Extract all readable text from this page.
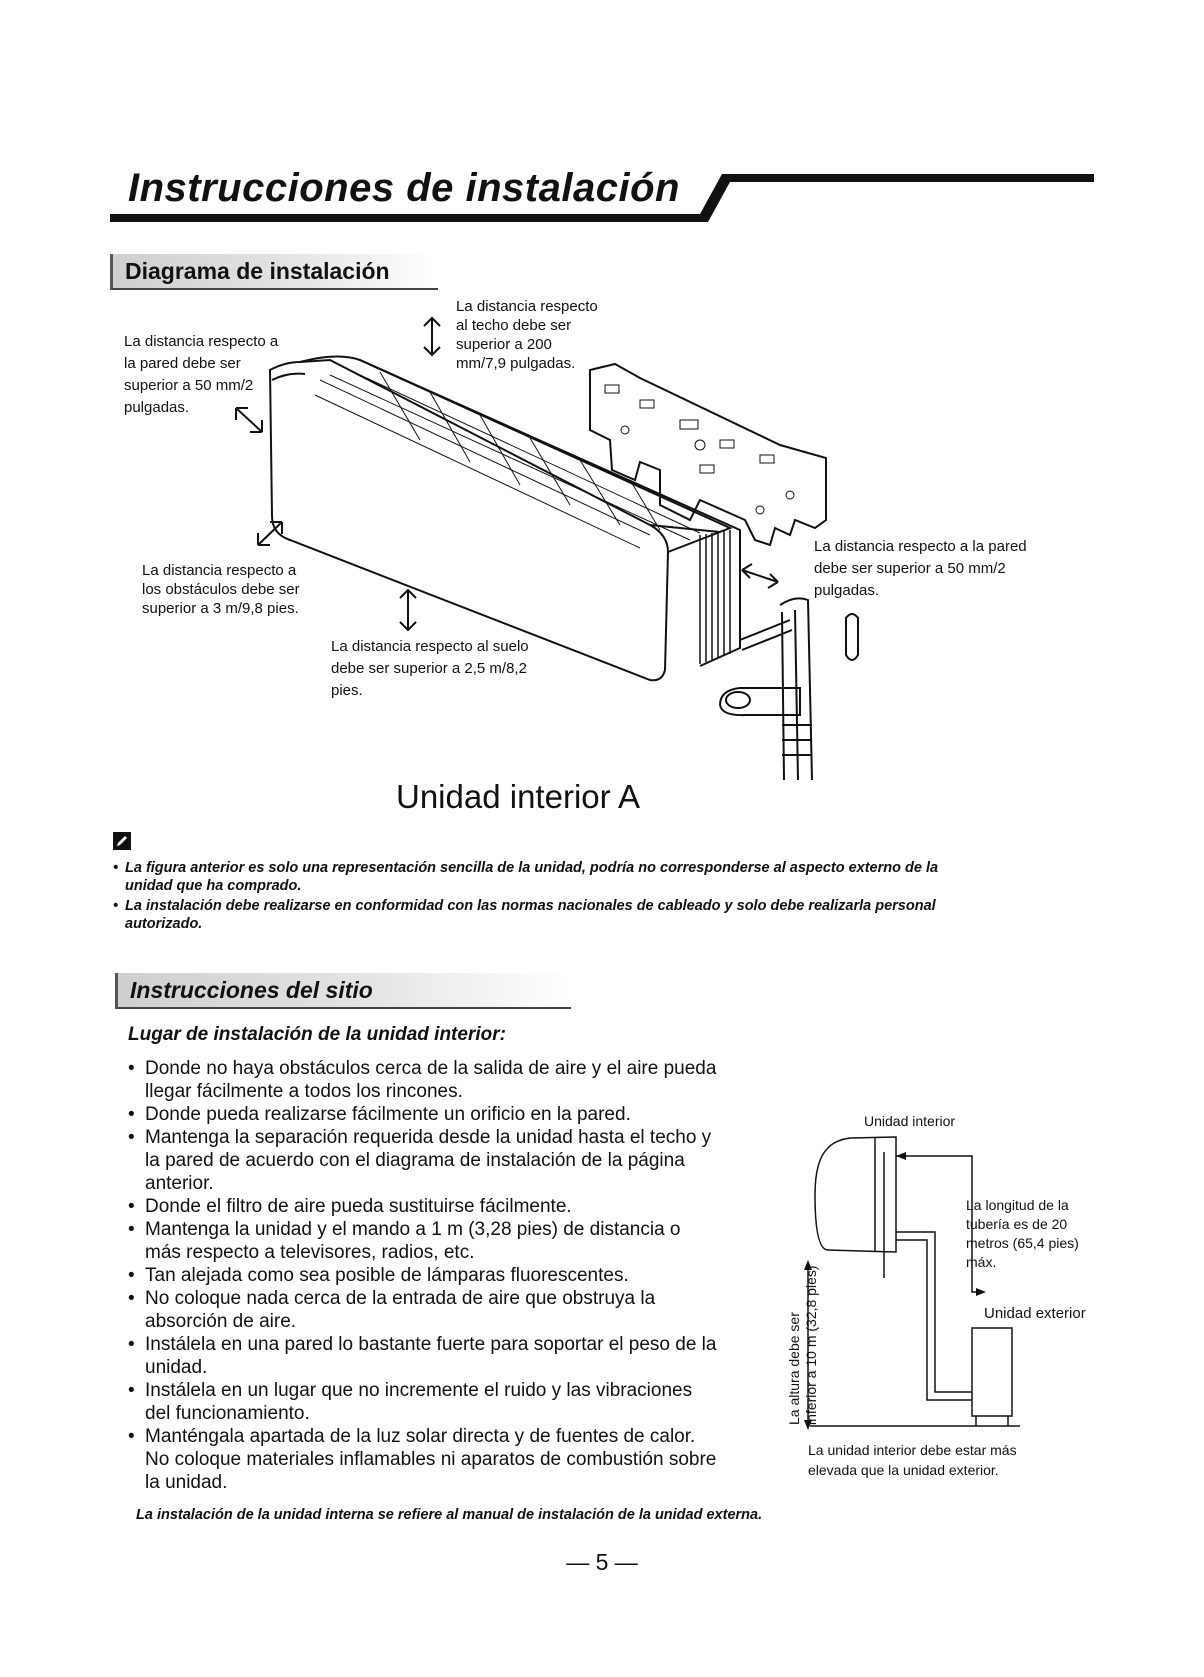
Instrucciones de instalación
Diagrama de instalación
La distancia respecto a
la pared debe ser
superior a 50 mm/2
pulgadas.
La distancia respecto
al techo debe ser
superior a 200
mm/7,9 pulgadas.
La distancia respecto a
los obstáculos debe ser
superior a 3 m/9,8 pies.
La distancia respecto al suelo
debe ser superior a 2,5 m/8,2
pies.
La distancia respecto a la pared
debe ser superior a 50 mm/2
pulgadas.
Unidad interior A
• La figura anterior es solo una representación sencilla de la unidad, podría no corresponderse al aspecto externo de la
unidad que ha comprado.
• La instalación debe realizarse en conformidad con las normas nacionales de cableado y solo debe realizarla personal
autorizado.
Instrucciones del sitio
Lugar de instalación de la unidad interior:
• Donde no haya obstáculos cerca de la salida de aire y el aire pueda
llegar fácilmente a todos los rincones.
• Donde pueda realizarse fácilmente un orificio en la pared.
• Mantenga la separación requerida desde la unidad hasta el techo y
la pared de acuerdo con el diagrama de instalación de la página
anterior.
• Donde el filtro de aire pueda sustituirse fácilmente.
• Mantenga la unidad y el mando a 1 m (3,28 pies) de distancia o
más respecto a televisores, radios, etc.
• Tan alejada como sea posible de lámparas fluorescentes.
• No coloque nada cerca de la entrada de aire que obstruya la
absorción de aire.
• Instálela en una pared lo bastante fuerte para soportar el peso de la
unidad.
• Instálela en un lugar que no incremente el ruido y las vibraciones
del funcionamiento.
• Manténgala apartada de la luz solar directa y de fuentes de calor.
No coloque materiales inflamables ni aparatos de combustión sobre
la unidad.
Unidad interior
La longitud de la
tubería es de 20
metros (65,4 pies)
máx.
Unidad exterior
La altura debe ser inferior a 10 m (32,8 pies)
La unidad interior debe estar más
elevada que la unidad exterior.
La instalación de la unidad interna se refiere al manual de instalación de la unidad externa.
— 5 —
